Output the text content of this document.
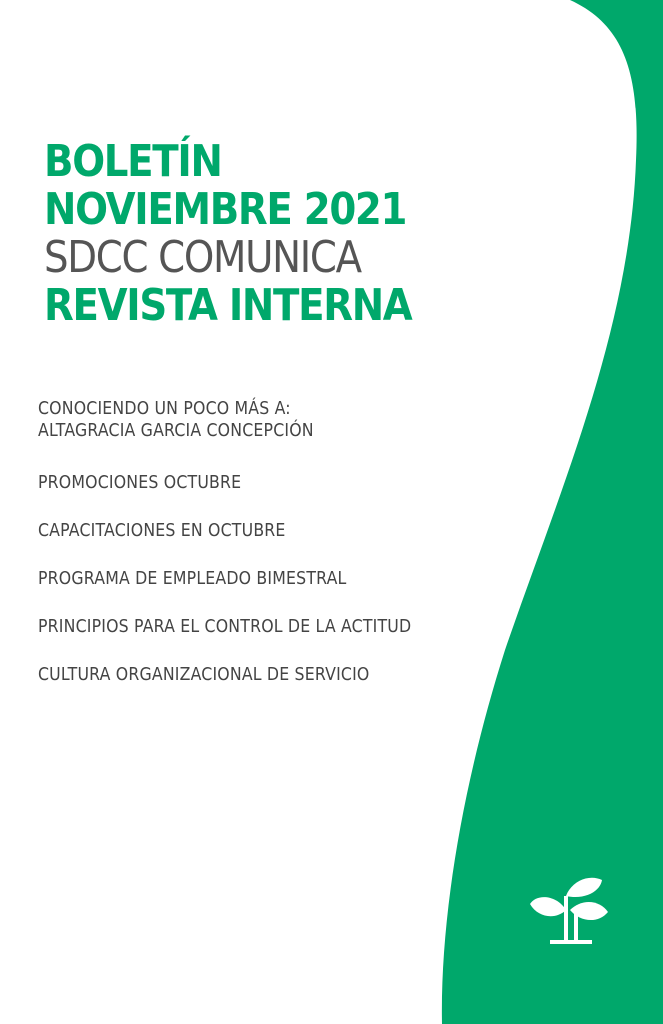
BOLETÍN
NOVIEMBRE 2021
SDCC COMUNICA
REVISTA INTERNA
CONOCIENDO UN POCO MÁS A:
ALTAGRACIA GARCIA CONCEPCIÓN
PROMOCIONES OCTUBRE
CAPACITACIONES EN OCTUBRE
PROGRAMA DE EMPLEADO BIMESTRAL
PRINCIPIOS PARA EL CONTROL DE LA ACTITUD
CULTURA ORGANIZACIONAL DE SERVICIO
